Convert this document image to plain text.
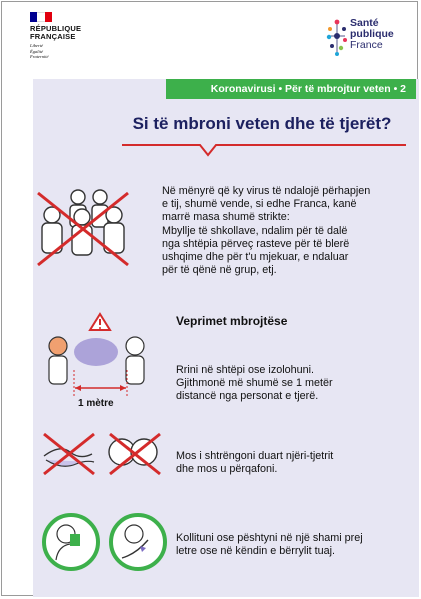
RÉPUBLIQUE
FRANÇAISE
Liberté
Égalité
Fraternité
Santé
publique
France
Koronavirusi • Për të mbrojtur veten • 2
Si të mbroni veten dhe të tjerët?
Në mënyrë që ky virus të ndalojë përhapjen
e tij, shumë vende, si edhe Franca, kanë
marrë masa shumë strikte:
Mbyllje të shkollave, ndalim për të dalë
nga shtëpia përveç rasteve për të blerë
ushqime dhe për t'u mjekuar, e ndaluar
për të qënë në grup, etj.
Veprimet mbrojtëse
1 mètre
Rrini në shtëpi ose izolohuni.
Gjithmonë më shumë se 1 metër
distancë nga personat e tjerë.
Mos i shtrëngoni duart njëri-tjetrit
dhe mos u përqafoni.
Kollituni ose pështyni në një shami prej
letre ose në këndin e bërrylit tuaj.
